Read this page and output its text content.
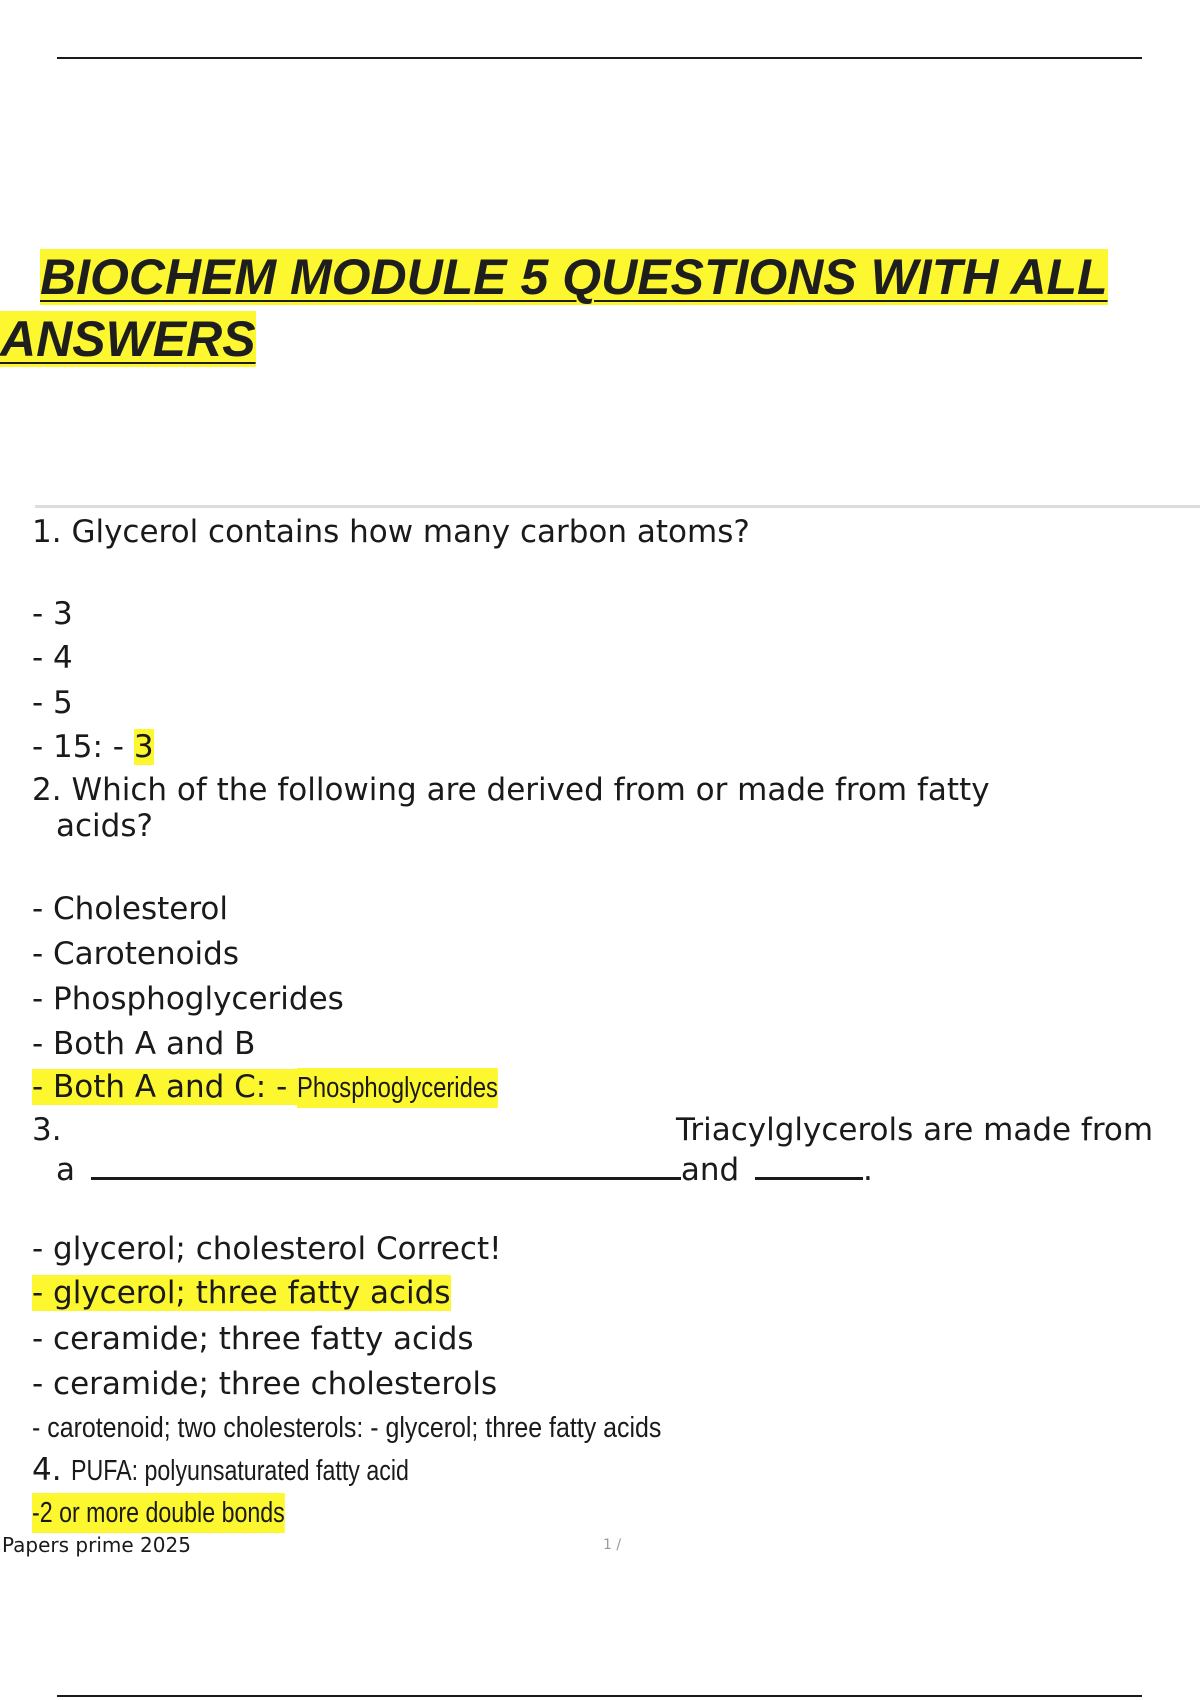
BIOCHEM MODULE 5 QUESTIONS WITH ALL
ANSWERS
1. Glycerol contains how many carbon atoms?
- 3
- 4
- 5
- 15: - 3
2. Which of the following are derived from or made from fatty
acids?
- Cholesterol
- Carotenoids
- Phosphoglycerides
- Both A and B
- Both A and C: - Phosphoglycerides
3.	Triacylglycerols are made from
a	and	.
- glycerol; cholesterol Correct!
- glycerol; three fatty acids
- ceramide; three fatty acids
- ceramide; three cholesterols
- carotenoid; two cholesterols: - glycerol; three fatty acids
4. PUFA: polyunsaturated fatty acid
-2 or more double bonds
Papers prime 2025	1 /
